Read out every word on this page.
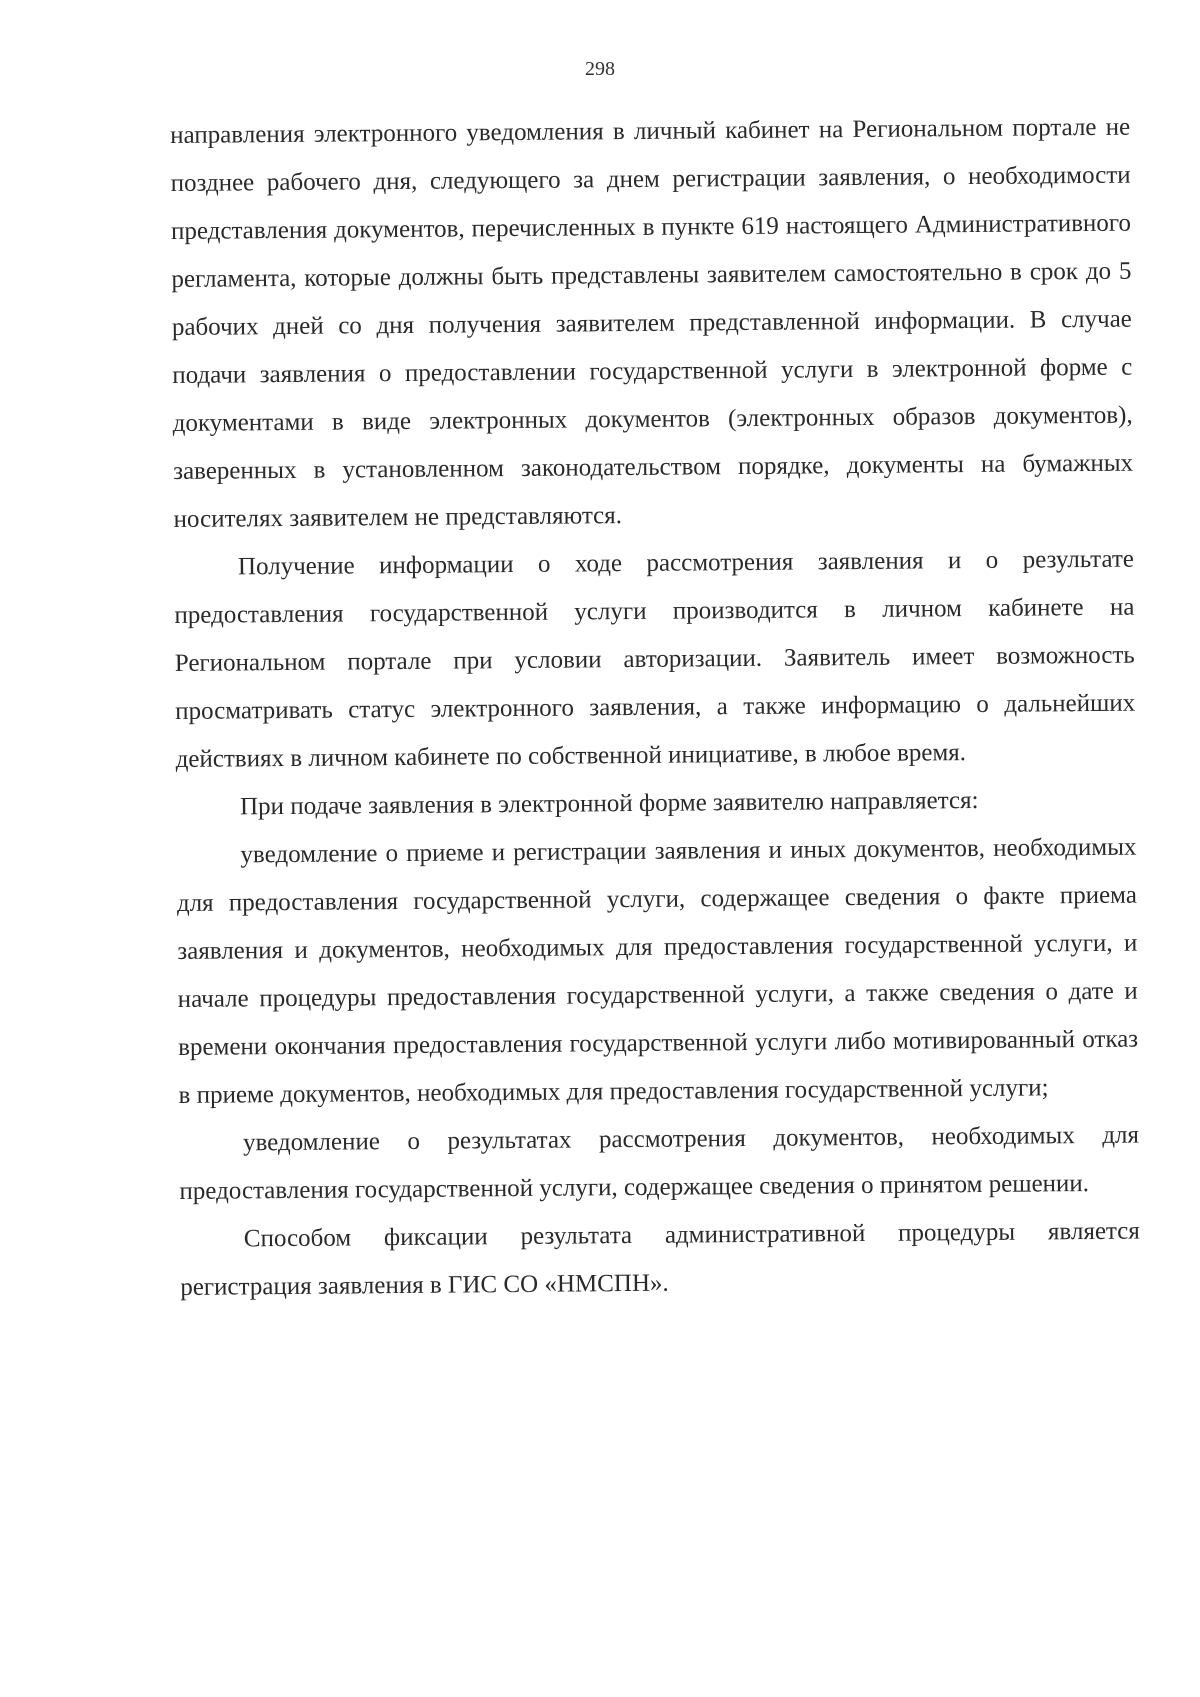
298

направления электронного уведомления в личный кабинет на Региональном портале не позднее рабочего дня, следующего за днем регистрации заявления, о необходимости представления документов, перечисленных в пункте 619 настоящего Административного регламента, которые должны быть представлены заявителем самостоятельно в срок до 5 рабочих дней со дня получения заявителем представленной информации. В случае подачи заявления о предоставлении государственной услуги в электронной форме с документами в виде электронных документов (электронных образов документов), заверенных в установленном законодательством порядке, документы на бумажных носителях заявителем не представляются.

Получение информации о ходе рассмотрения заявления и о результате предоставления государственной услуги производится в личном кабинете на Региональном портале при условии авторизации. Заявитель имеет возможность просматривать статус электронного заявления, а также информацию о дальнейших действиях в личном кабинете по собственной инициативе, в любое время.

При подаче заявления в электронной форме заявителю направляется:

уведомление о приеме и регистрации заявления и иных документов, необходимых для предоставления государственной услуги, содержащее сведения о факте приема заявления и документов, необходимых для предоставления государственной услуги, и начале процедуры предоставления государственной услуги, а также сведения о дате и времени окончания предоставления государственной услуги либо мотивированный отказ в приеме документов, необходимых для предоставления государственной услуги;

уведомление о результатах рассмотрения документов, необходимых для предоставления государственной услуги, содержащее сведения о принятом решении.

Способом фиксации результата административной процедуры является регистрация заявления в ГИС СО «НМСПН».
